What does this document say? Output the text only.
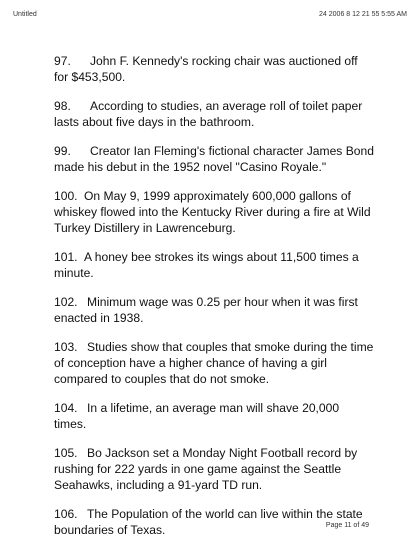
Untitled	24 2006 8 12 21 55 5:55 AM

97. John F. Kennedy's rocking chair was auctioned off for $453,500.

98. According to studies, an average roll of toilet paper lasts about five days in the bathroom.

99. Creator Ian Fleming's fictional character James Bond made his debut in the 1952 novel "Casino Royale."

100. On May 9, 1999 approximately 600,000 gallons of whiskey flowed into the Kentucky River during a fire at Wild Turkey Distillery in Lawrenceburg.

101. A honey bee strokes its wings about 11,500 times a minute.

102. Minimum wage was 0.25 per hour when it was first enacted in 1938.

103. Studies show that couples that smoke during the time of conception have a higher chance of having a girl compared to couples that do not smoke.

104. In a lifetime, an average man will shave 20,000 times.

105. Bo Jackson set a Monday Night Football record by rushing for 222 yards in one game against the Seattle Seahawks, including a 91-yard TD run.

106. The Population of the world can live within the state boundaries of Texas.	Page 11 of 49
